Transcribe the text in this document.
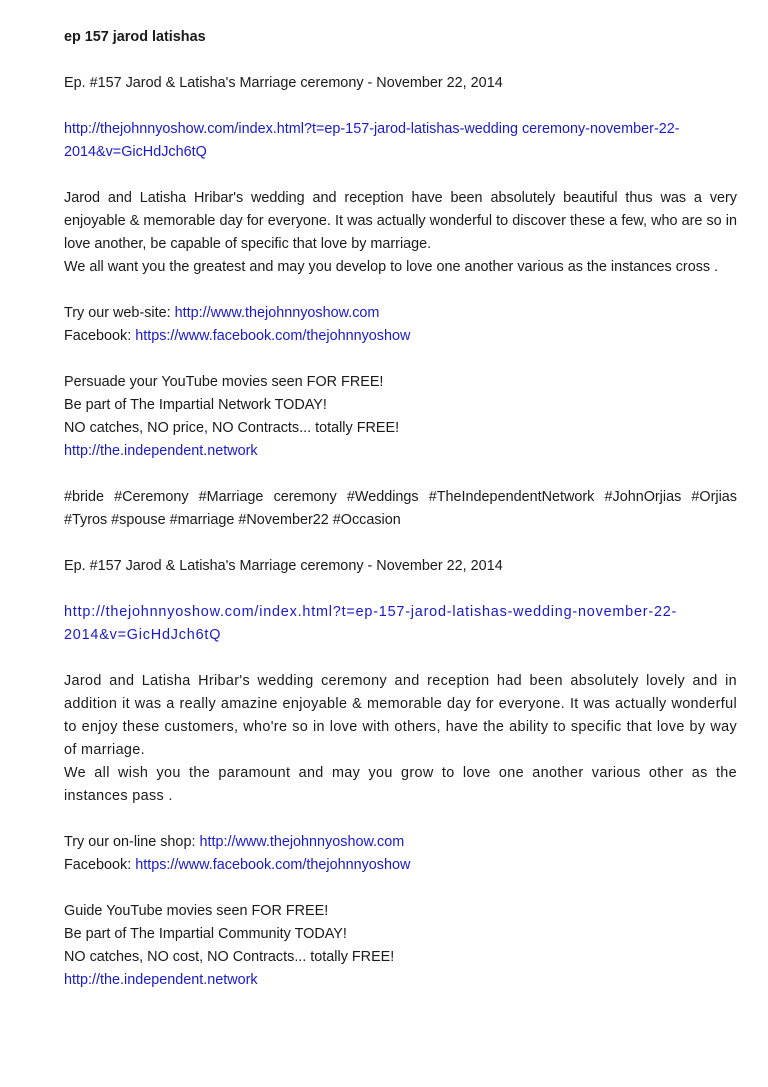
ep 157 jarod latishas
Ep. #157 Jarod & Latisha's Marriage ceremony - November 22, 2014
http://thejohnnyoshow.com/index.html?t=ep-157-jarod-latishas-wedding ceremony-november-22-
2014&v=GicHdJch6tQ
Jarod and Latisha Hribar's wedding and reception have been absolutely beautiful thus was a very enjoyable & memorable day for everyone. It was actually wonderful to discover these a few, who are so in love another, be capable of specific that love by marriage.
We all want you the greatest and may you develop to love one another various as the instances cross .
Try our web-site: http://www.thejohnnyoshow.com
Facebook: https://www.facebook.com/thejohnnyoshow
Persuade your YouTube movies seen FOR FREE!
Be part of The Impartial Network TODAY!
NO catches, NO price, NO Contracts... totally FREE!
http://the.independent.network
#bride #Ceremony #Marriage ceremony #Weddings #TheIndependentNetwork #JohnOrjias #Orjias #Tyros #spouse #marriage #November22 #Occasion
Ep. #157 Jarod & Latisha's Marriage ceremony - November 22, 2014
http://thejohnnyoshow.com/index.html?t=ep-157-jarod-latishas-wedding-november-22-
2014&v=GicHdJch6tQ
Jarod and Latisha Hribar's wedding ceremony and reception had been absolutely lovely and in addition it was a really amazine enjoyable & memorable day for everyone. It was actually wonderful to enjoy these customers, who're so in love with others, have the ability to specific that love by way of marriage.
We all wish you the paramount and may you grow to love one another various other as the instances pass .
Try our on-line shop: http://www.thejohnnyoshow.com
Facebook: https://www.facebook.com/thejohnnyoshow
Guide YouTube movies seen FOR FREE!
Be part of The Impartial Community TODAY!
NO catches, NO cost, NO Contracts... totally FREE!
http://the.independent.network
